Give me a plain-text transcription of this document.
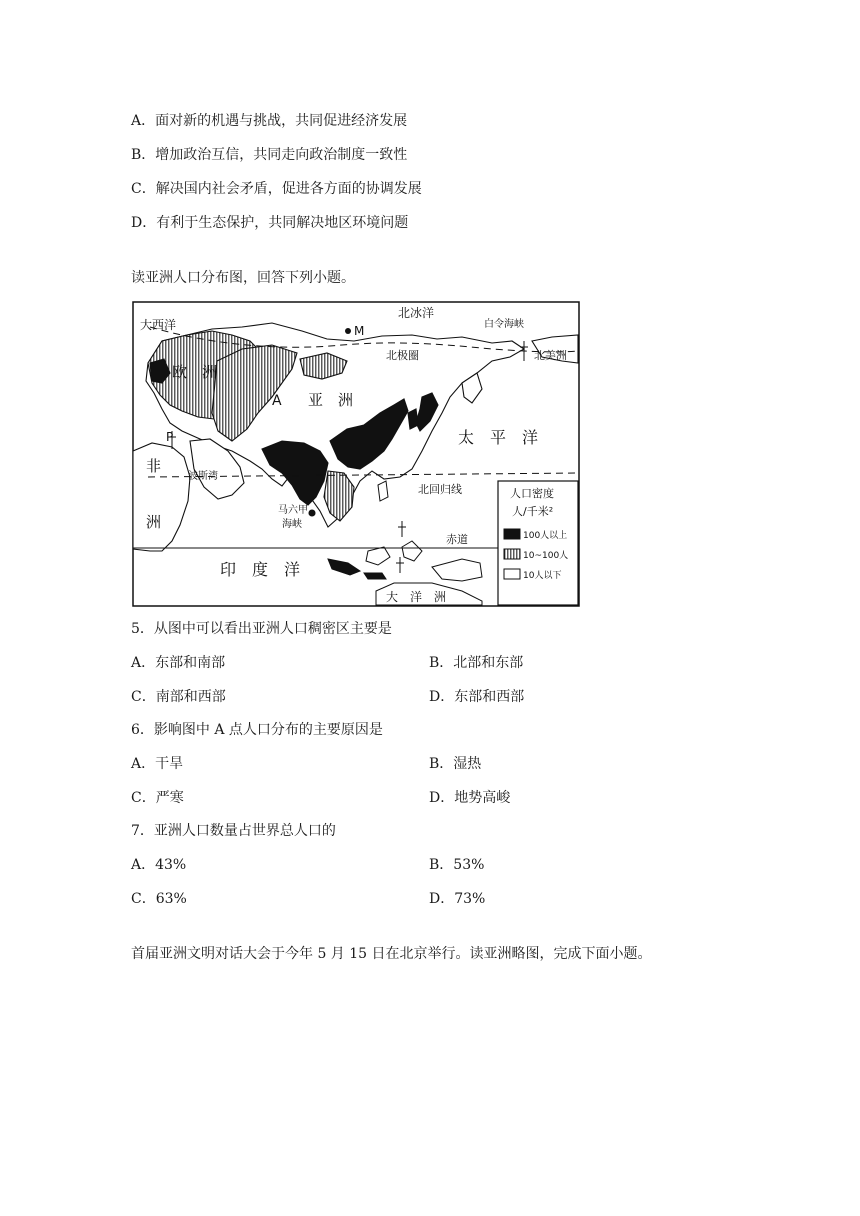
A．面对新的机遇与挑战，共同促进经济发展
B．增加政治互信，共同走向政治制度一致性
C．解决国内社会矛盾，促进各方面的协调发展
D．有利于生态保护，共同解决地区环境问题
读亚洲人口分布图，回答下列小题。
大西洋
北冰洋
白令海峡
北美洲
北极圈
M
欧　洲
A 亚　洲
太　平　洋
P
非
洲
波斯湾
北回归线
马六甲
海峡
赤道
印　度　洋
大　洋　洲
人口密度
人/千米²
100人以上
10~100人
10人以下
5．从图中可以看出亚洲人口稠密区主要是
A．东部和南部	B．北部和东部
C．南部和西部	D．东部和西部
6．影响图中 A 点人口分布的主要原因是
A．干旱	B．湿热
C．严寒	D．地势高峻
7．亚洲人口数量占世界总人口的
A．43%	B．53%
C．63%	D．73%
首届亚洲文明对话大会于今年 5 月 15 日在北京举行。读亚洲略图，完成下面小题。
